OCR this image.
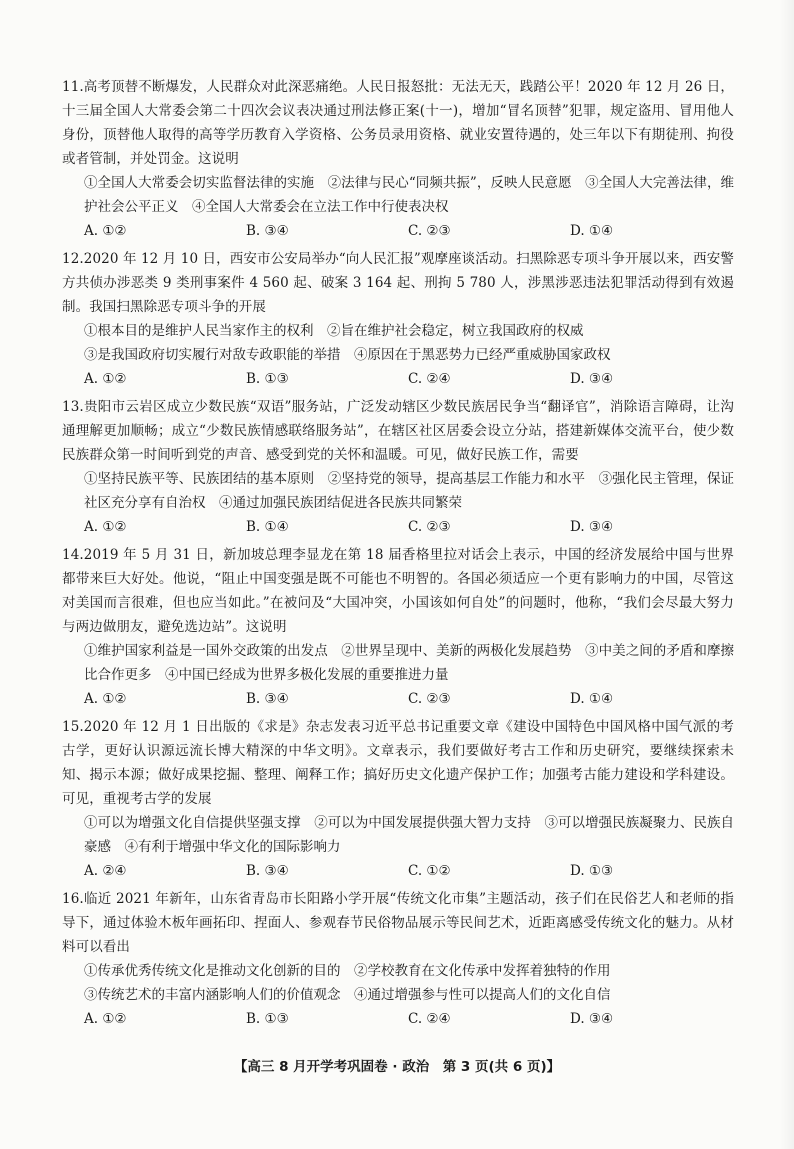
11.高考顶替不断爆发，人民群众对此深恶痛绝。人民日报怒批：无法无天，践踏公平！2020 年 12 月 26 日，十三届全国人大常委会第二十四次会议表决通过刑法修正案(十一)，增加“冒名顶替”犯罪，规定盗用、冒用他人身份，顶替他人取得的高等学历教育入学资格、公务员录用资格、就业安置待遇的，处三年以下有期徒刑、拘役或者管制，并处罚金。这说明
①全国人大常委会切实监督法律的实施　②法律与民心“同频共振”，反映人民意愿　③全国人大完善法律，维护社会公平正义　④全国人大常委会在立法工作中行使表决权
A. ①②	B. ③④	C. ②③	D. ①④
12.2020 年 12 月 10 日，西安市公安局举办“向人民汇报”观摩座谈活动。扫黑除恶专项斗争开展以来，西安警方共侦办涉恶类 9 类刑事案件 4 560 起、破案 3 164 起、刑拘 5 780 人，涉黑涉恶违法犯罪活动得到有效遏制。我国扫黑除恶专项斗争的开展
①根本目的是维护人民当家作主的权利　②旨在维护社会稳定，树立我国政府的权威
③是我国政府切实履行对敌专政职能的举措　④原因在于黑恶势力已经严重威胁国家政权
A. ①②	B. ①③	C. ②④	D. ③④
13.贵阳市云岩区成立少数民族“双语”服务站，广泛发动辖区少数民族居民争当“翻译官”，消除语言障碍，让沟通理解更加顺畅；成立“少数民族情感联络服务站”，在辖区社区居委会设立分站，搭建新媒体交流平台，使少数民族群众第一时间听到党的声音、感受到党的关怀和温暖。可见，做好民族工作，需要
①坚持民族平等、民族团结的基本原则　②坚持党的领导，提高基层工作能力和水平　③强化民主管理，保证社区充分享有自治权　④通过加强民族团结促进各民族共同繁荣
A. ①②	B. ①④	C. ②③	D. ③④
14.2019 年 5 月 31 日，新加坡总理李显龙在第 18 届香格里拉对话会上表示，中国的经济发展给中国与世界都带来巨大好处。他说，“阻止中国变强是既不可能也不明智的。各国必须适应一个更有影响力的中国，尽管这对美国而言很难，但也应当如此。”在被问及“大国冲突，小国该如何自处”的问题时，他称，“我们会尽最大努力与两边做朋友，避免选边站”。这说明
①维护国家利益是一国外交政策的出发点　②世界呈现中、美新的两极化发展趋势　③中美之间的矛盾和摩擦比合作更多　④中国已经成为世界多极化发展的重要推进力量
A. ①②	B. ③④	C. ②③	D. ①④
15.2020 年 12 月 1 日出版的《求是》杂志发表习近平总书记重要文章《建设中国特色中国风格中国气派的考古学，更好认识源远流长博大精深的中华文明》。文章表示，我们要做好考古工作和历史研究，要继续探索未知、揭示本源；做好成果挖掘、整理、阐释工作；搞好历史文化遗产保护工作；加强考古能力建设和学科建设。可见，重视考古学的发展
①可以为增强文化自信提供坚强支撑　②可以为中国发展提供强大智力支持　③可以增强民族凝聚力、民族自豪感　④有利于增强中华文化的国际影响力
A. ②④	B. ③④	C. ①②	D. ①③
16.临近 2021 年新年，山东省青岛市长阳路小学开展“传统文化市集”主题活动，孩子们在民俗艺人和老师的指导下，通过体验木板年画拓印、捏面人、参观春节民俗物品展示等民间艺术，近距离感受传统文化的魅力。从材料可以看出
①传承优秀传统文化是推动文化创新的目的　②学校教育在文化传承中发挥着独特的作用
③传统艺术的丰富内涵影响人们的价值观念　④通过增强参与性可以提高人们的文化自信
A. ①②	B. ①③	C. ②④	D. ③④
【高三 8 月开学考巩固卷 · 政治　第 3 页(共 6 页)】
